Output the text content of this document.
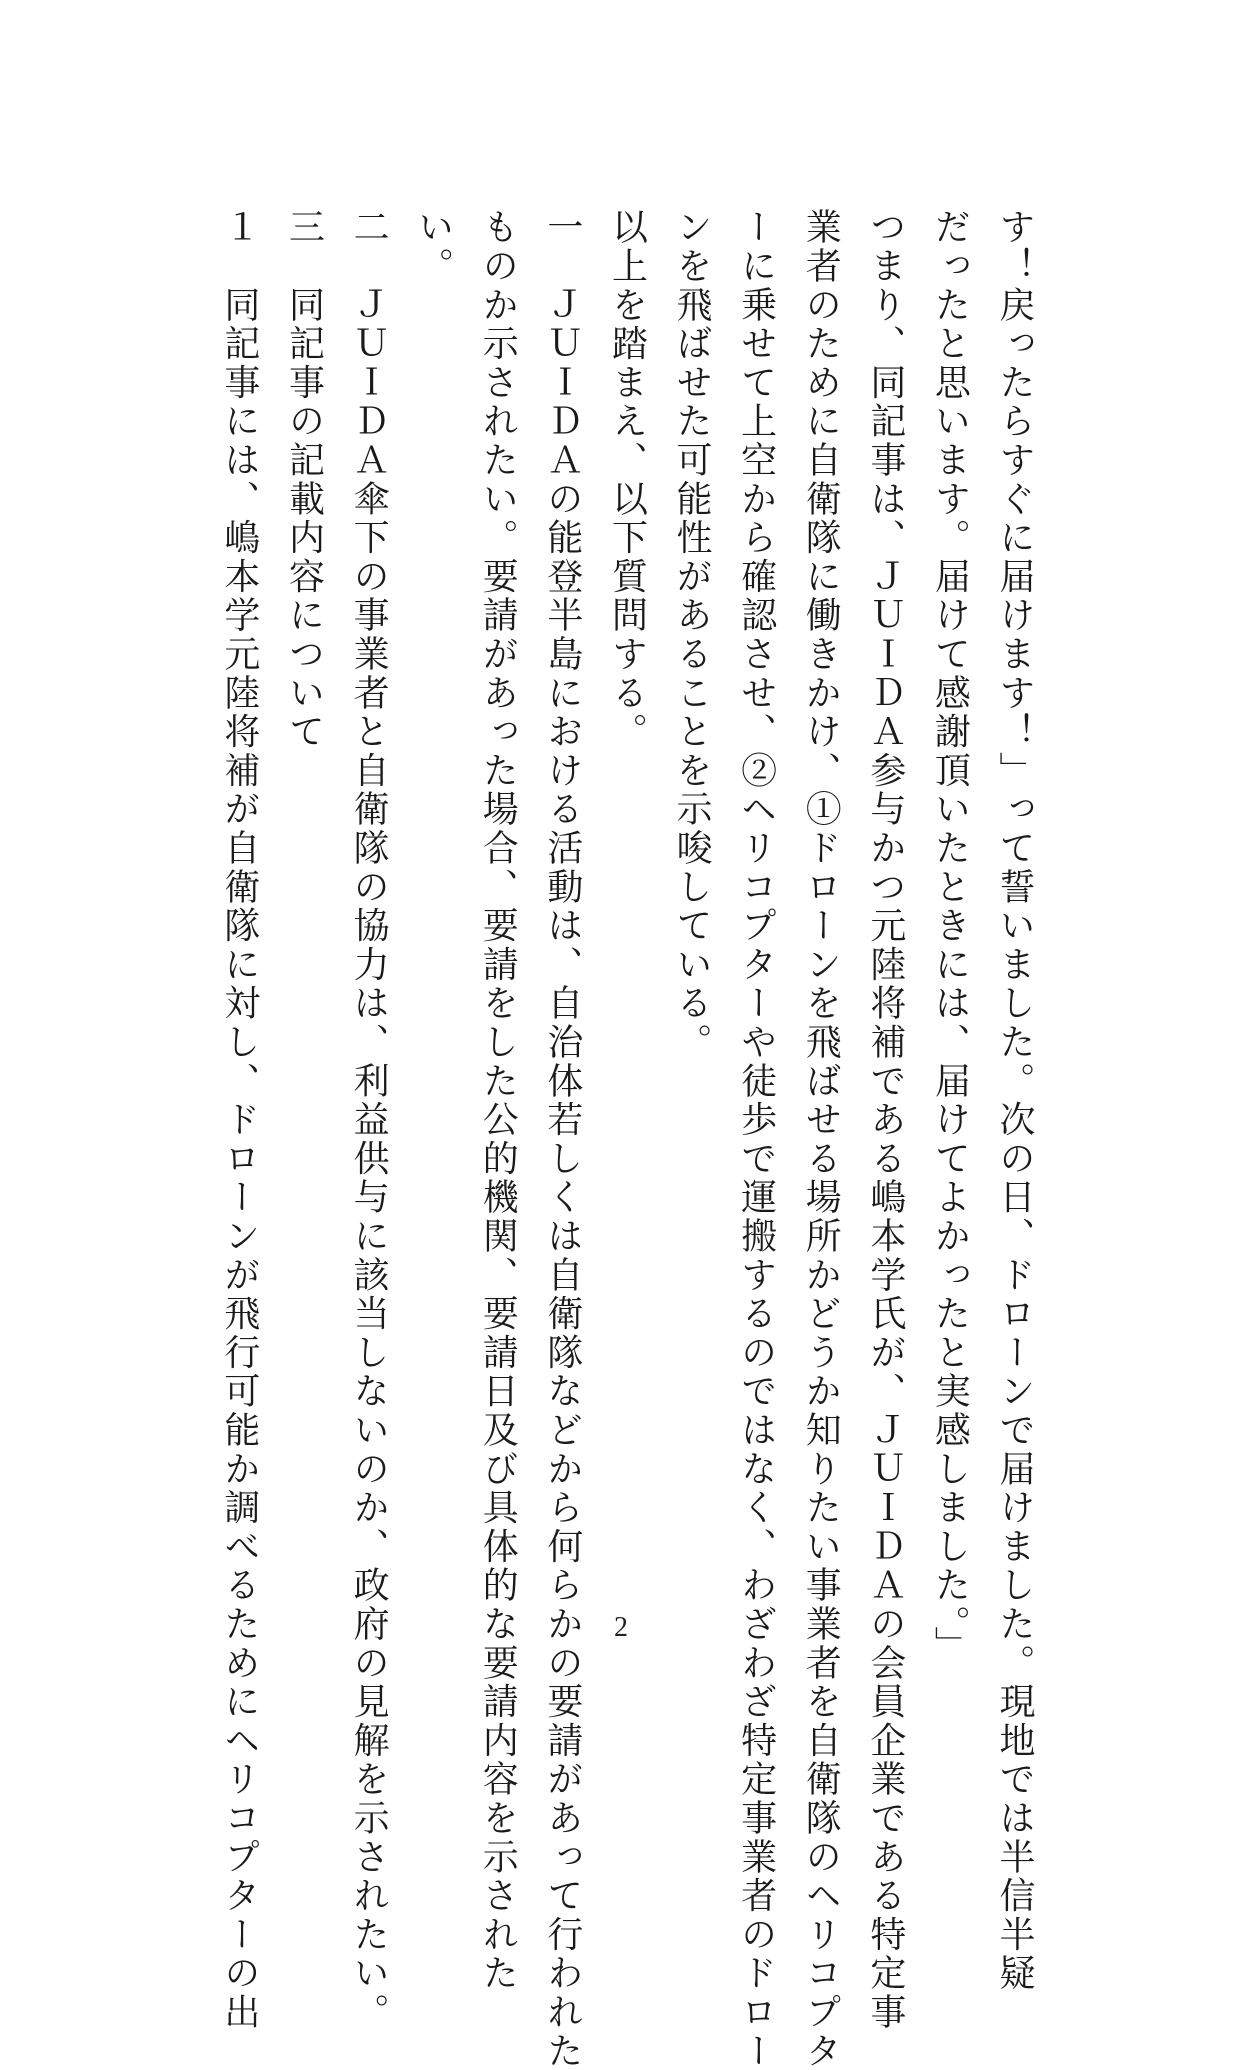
す！戻ったらすぐに届けます！」って誓いました。次の日、ドローンで届けました。現地では半信半疑
だったと思います。届けて感謝頂いたときには、届けてよかったと実感しました。」
つまり、同記事は、ＪＵＩＤＡ参与かつ元陸将補である嶋本学氏が、ＪＵＩＤＡの会員企業である特定事
業者のために自衛隊に働きかけ、①ドローンを飛ばせる場所かどうか知りたい事業者を自衛隊のヘリコプタ
ーに乗せて上空から確認させ、②ヘリコプターや徒歩で運搬するのではなく、わざわざ特定事業者のドロー
ンを飛ばせた可能性があることを示唆している。
以上を踏まえ、以下質問する。
一　ＪＵＩＤＡの能登半島における活動は、自治体若しくは自衛隊などから何らかの要請があって行われた
ものか示されたい。要請があった場合、要請をした公的機関、要請日及び具体的な要請内容を示された
い。
二　ＪＵＩＤＡ傘下の事業者と自衛隊の協力は、利益供与に該当しないのか、政府の見解を示されたい。
三　同記事の記載内容について
１　同記事には、嶋本学元陸将補が自衛隊に対し、ドローンが飛行可能か調べるためにヘリコプターの出	2
